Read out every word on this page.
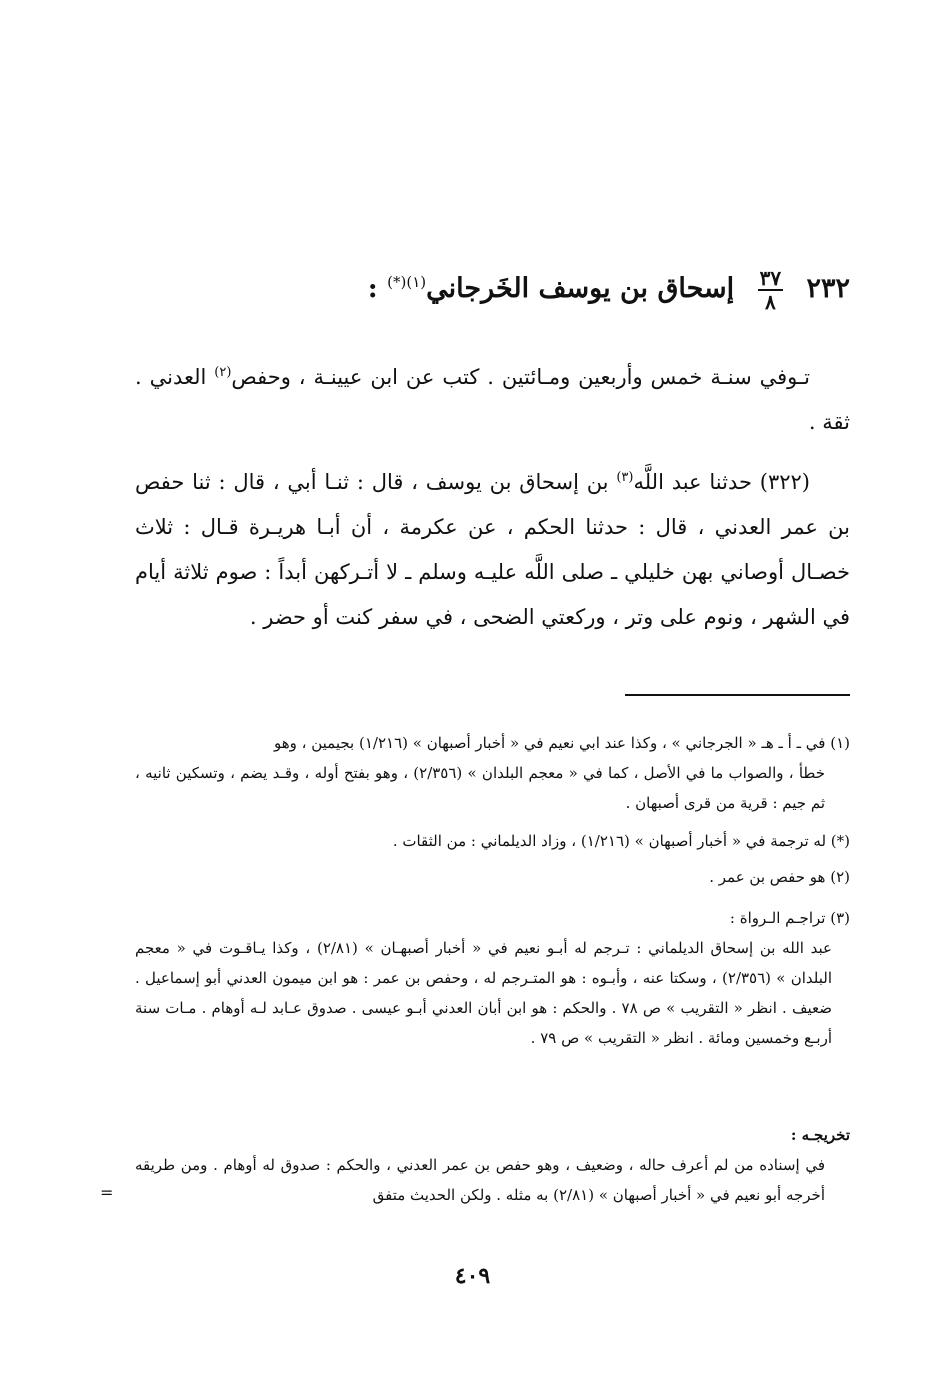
٢٣٢
$\frac{٣٧}{٨}$
إسحاق بن يوسف الخَرجاني$^{(١)(*)}$ :
تـوفي سنـة خمس وأربعين ومـائتين . كتب عن ابن عيينـة ، وحفص$^{(٢)}$ العدني . ثقة .
(٣٢٢) حدثنا عبد اللَّه$^{(٣)}$ بن إسحاق بن يوسف ، قال : ثنـا أبي ، قال : ثنا حفص بن عمر العدني ، قال : حدثنا الحكم ، عن عكرمة ، أن أبـا هريـرة قـال : ثلاث خصـال أوصاني بهن خليلي ـ صلى اللَّه عليـه وسلم ـ لا أتـركهن أبداً : صوم ثلاثة أيام في الشهر ، ونوم على وتر ، وركعتي الضحى ، في سفر كنت أو حضر .
(١) في ـ أ ـ هـ « الجرجاني » ، وكذا عند ابي نعيم في « أخبار أصبهان » (١/٢١٦) بجيمين ، وهو
خطأ ، والصواب ما في الأصل ، كما في « معجم البلدان » (٢/٣٥٦) ، وهو بفتح أوله ، وقـد يضم ، وتسكين ثانيه ، ثم جيم : قرية من قرى أصبهان .
(*) له ترجمة في « أخبار أصبهان » (١/٢١٦) ، وزاد الديلماني : من الثقات .
(٢) هو حفص بن عمر .
(٣) تراجـم الـرواة :
عبد الله بن إسحاق الديلماني : تـرجم له أبـو نعيم في « أخبار أصبهـان » (٢/٨١) ، وكذا يـاقـوت في « معجم البلدان » (٢/٣٥٦) ، وسكتا عنه ، وأبـوه : هو المتـرجم له ، وحفص بن عمر : هو ابن ميمون العدني أبو إسماعيل . ضعيف . انظر « التقريب » ص ٧٨ . والحكم : هو ابن أبان العدني أبـو عيسى . صدوق عـابد لـه أوهام . مـات سنة أربـع وخمسين ومائة . انظر « التقريب » ص ٧٩ .
تخريجـه :
في إسناده من لم أعرف حاله ، وضعيف ، وهو حفص بن عمر العدني ، والحكم : صدوق له أوهام . ومن طريقه أخرجه أبو نعيم في « أخبار أصبهان » (٢/٨١) به مثله . ولكن الحديث متفق
=
٤٠٩
